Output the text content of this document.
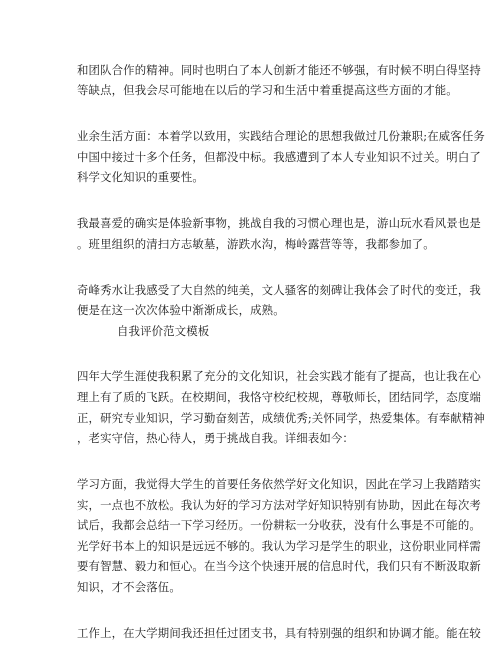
和团队合作的精神。同时也明白了本人创新才能还不够强，有时候不明白得坚持
等缺点，但我会尽可能地在以后的学习和生活中着重提高这些方面的才能。
业余生活方面：本着学以致用，实践结合理论的思想我做过几份兼职;在威客任务
中国中接过十多个任务，但都没中标。我感遭到了本人专业知识不过关。明白了
科学文化知识的重要性。
我最喜爱的确实是体验新事物，挑战自我的习惯心理也是，游山玩水看风景也是
。班里组织的清扫方志敏墓，游跌水沟，梅岭露营等等，我都参加了。
奇峰秀水让我感受了大自然的纯美，文人骚客的刻碑让我体会了时代的变迁，我
便是在这一次次体验中渐渐成长，成熟。
自我评价范文模板
四年大学生涯使我积累了充分的文化知识，社会实践才能有了提高，也让我在心
理上有了质的飞跃。在校期间，我恪守校纪校规，尊敬师长，团结同学，态度端
正，研究专业知识，学习勤奋刻苦，成绩优秀;关怀同学，热爱集体。有奉献精神
，老实守信，热心待人，勇于挑战自我。详细表如今：
学习方面，我觉得大学生的首要任务依然学好文化知识，因此在学习上我踏踏实
实，一点也不放松。我认为好的学习方法对学好知识特别有协助，因此在每次考
试后，我都会总结一下学习经历。一份耕耘一分收获，没有什么事是不可能的。
光学好书本上的知识是远远不够的。我认为学习是学生的职业，这份职业同样需
要有智慧、毅力和恒心。在当今这个快速开展的信息时代，我们只有不断汲取新
知识，才不会落伍。
工作上，在大学期间我还担任过团支书，具有特别强的组织和协调才能。能在较
